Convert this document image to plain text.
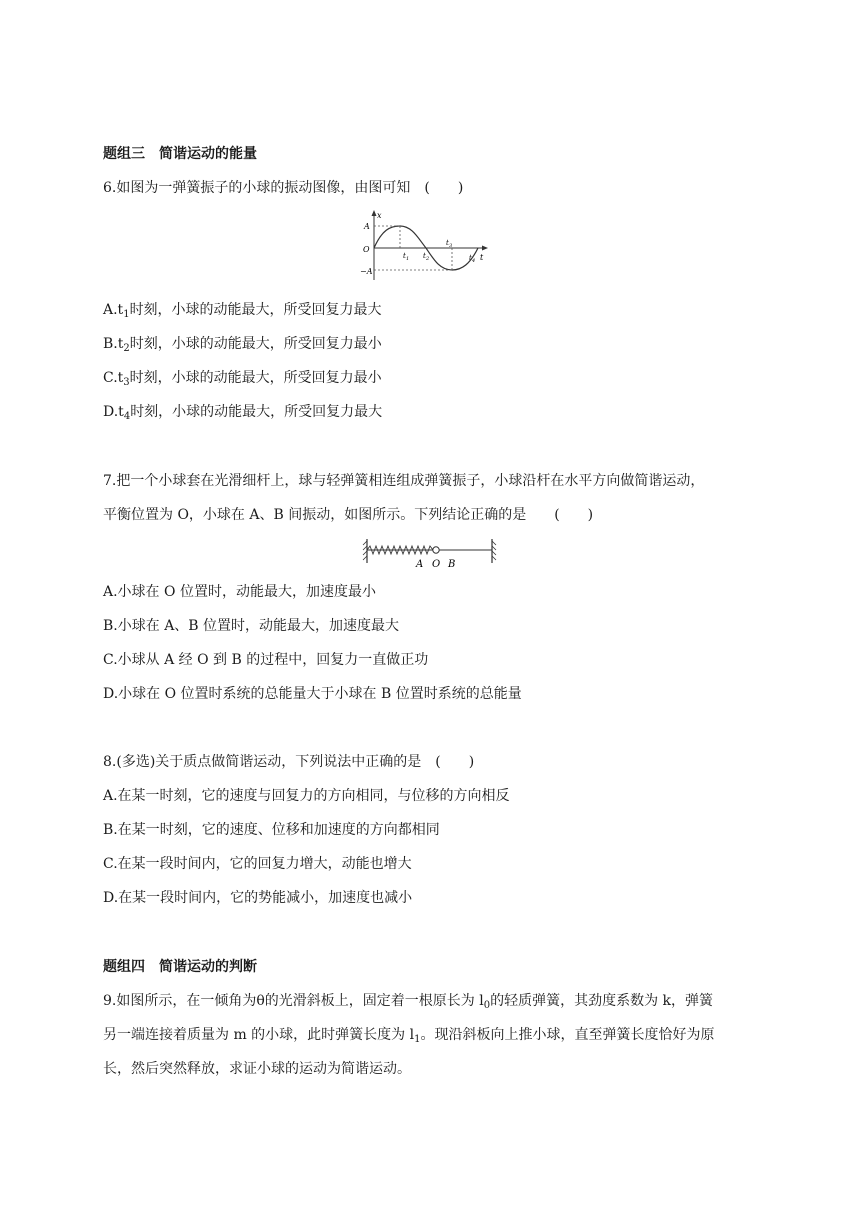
题组三　简谐运动的能量
6.如图为一弹簧振子的小球的振动图像，由图可知　(　　)
x
A
O
−A
t
t 1 t 2
t 3
t 4
$A.t_1$时刻，小球的动能最大，所受回复力最大
$B.t_2$时刻，小球的动能最大，所受回复力最小
$C.t_3$时刻，小球的动能最大，所受回复力最小
$D.t_4$时刻，小球的动能最大，所受回复力最大
7.把一个小球套在光滑细杆上，球与轻弹簧相连组成弹簧振子，小球沿杆在水平方向做简谐运动，
平衡位置为 O，小球在 A、B 间振动，如图所示。下列结论正确的是　　(　　)
A O B
A.小球在 O 位置时，动能最大，加速度最小
B.小球在 A、B 位置时，动能最大，加速度最大
C.小球从 A 经 O 到 B 的过程中，回复力一直做正功
D.小球在 O 位置时系统的总能量大于小球在 B 位置时系统的总能量
8.(多选)关于质点做简谐运动，下列说法中正确的是　(　　)
A.在某一时刻，它的速度与回复力的方向相同，与位移的方向相反
B.在某一时刻，它的速度、位移和加速度的方向都相同
C.在某一段时间内，它的回复力增大，动能也增大
D.在某一段时间内，它的势能减小，加速度也减小
题组四　简谐运动的判断
9.如图所示，在一倾角为θ的光滑斜板上，固定着一根原长为 $l_0$的轻质弹簧，其劲度系数为 k，弹簧
另一端连接着质量为 m 的小球，此时弹簧长度为 $l_1$。现沿斜板向上推小球，直至弹簧长度恰好为原
长，然后突然释放，求证小球的运动为简谐运动。
